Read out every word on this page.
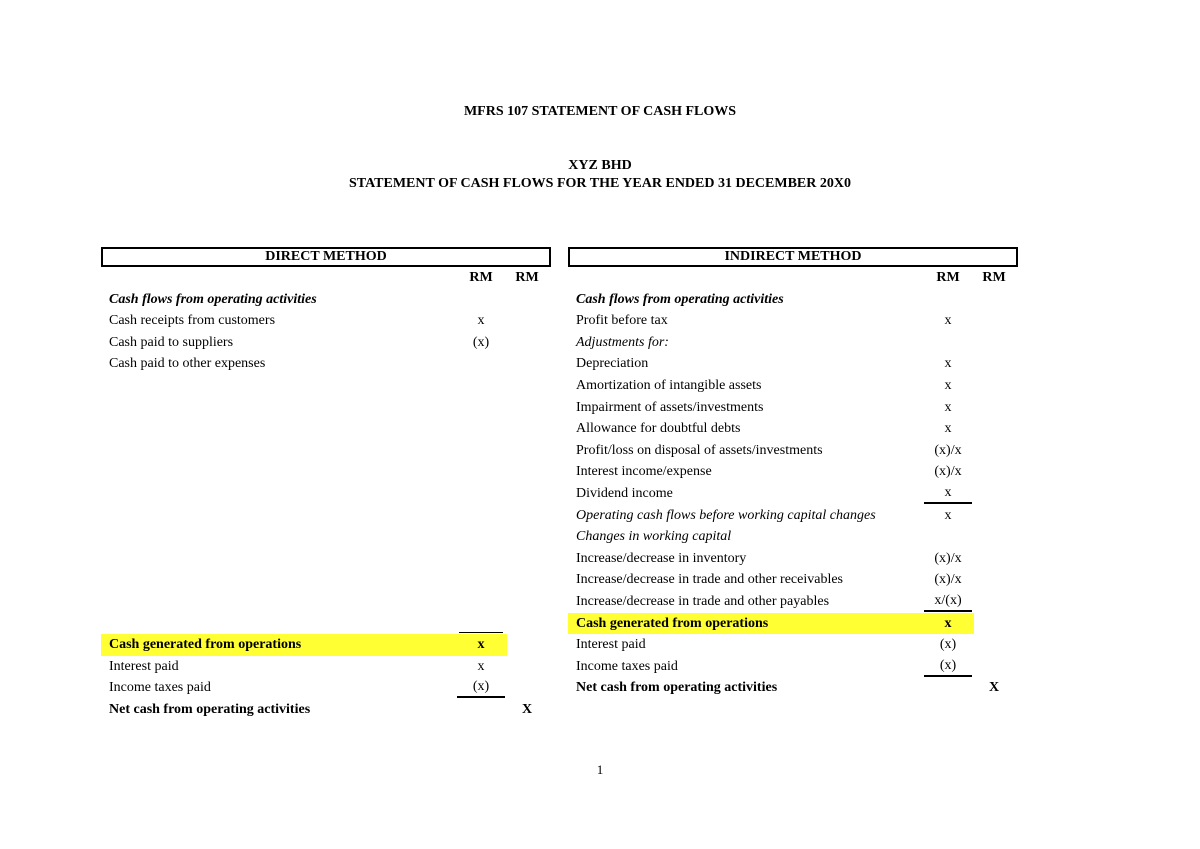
MFRS 107 STATEMENT OF CASH FLOWS
XYZ BHD
STATEMENT OF CASH FLOWS FOR THE YEAR ENDED 31 DECEMBER 20X0
DIRECT METHOD
RM	RM
Cash flows from operating activities
Cash receipts from customers	x
Cash paid to suppliers	(x)
Cash paid to other expenses
Cash generated from operations	x
Interest paid	x
Income taxes paid	(x)
Net cash from operating activities	X
INDIRECT METHOD
RM	RM
Cash flows from operating activities
Profit before tax	x
Adjustments for:
Depreciation	x
Amortization of intangible assets	x
Impairment of assets/investments	x
Allowance for doubtful debts	x
Profit/loss on disposal of assets/investments	(x)/x
Interest income/expense	(x)/x
Dividend income	x
Operating cash flows before working capital changes	x
Changes in working capital
Increase/decrease in inventory	(x)/x
Increase/decrease in trade and other receivables	(x)/x
Increase/decrease in trade and other payables	x/(x)
Cash generated from operations	x
Interest paid	(x)
Income taxes paid	(x)
Net cash from operating activities	X
1
